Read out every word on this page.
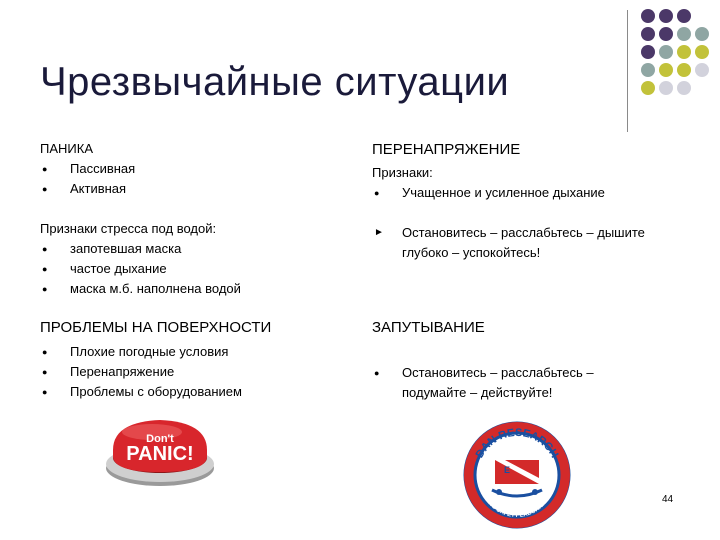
Чрезвычайные ситуации
ПАНИКА
● Пассивная
● Активная
Признаки стресса под водой:
● запотевшая маска
● частое дыхание
● маска м.б. наполнена водой
ПРОБЛЕМЫ НА ПОВЕРХНОСТИ
● Плохие погодные условия
● Перенапряжение
● Проблемы с оборудованием
ПЕРЕНАПРЯЖЕНИЕ
Признаки:
● Учащенное и усиленное дыхание
► Остановитесь – расслабьтесь – дышите
глубоко – успокойтесь!
ЗАПУТЫВАНИЕ
● Остановитесь – расслабьтесь –
подумайте – действуйте!
Don't
PANIC!	DAN RESEARCH
DIVING SAFETY LABORATORY
E
44
